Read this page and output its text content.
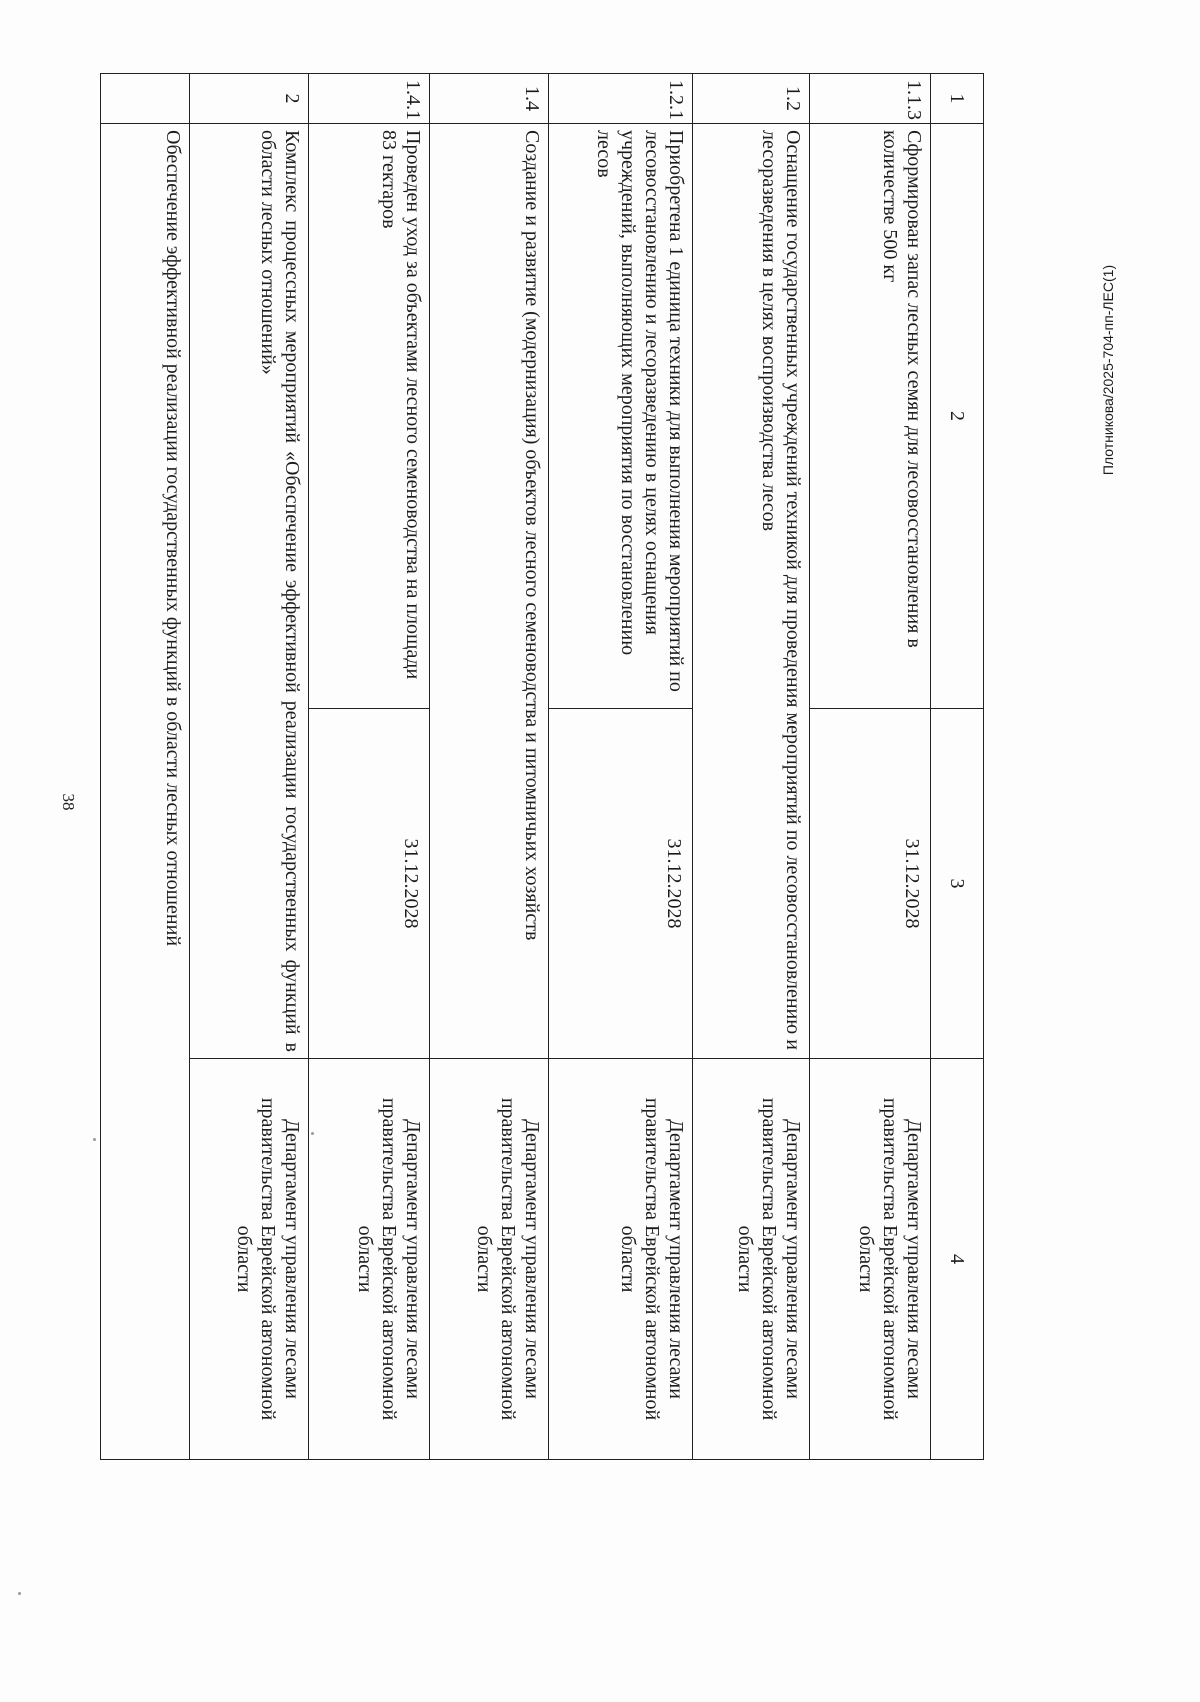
38
Плотникова/2025-704-пп-ЛЕС(1)
1	2	3	4
1.1.3	Сформирован запас лесных семян для лесовосстановления в количестве 500 кг	31.12.2028	Департамент управления лесами правительства Еврейской автономной области
1.2	Оснащение государственных учреждений техникой для проведения мероприятий по лесовосстановлению и лесоразведения в целях воспроизводства лесов		Департамент управления лесами правительства Еврейской автономной области
1.2.1	Приобретена 1 единица техники для выполнения мероприятий по лесовосстановлению и лесоразведению в целях оснащения учреждений, выполняющих мероприятия по восстановлению лесов	31.12.2028	Департамент управления лесами правительства Еврейской автономной области
1.4	Создание и развитие (модернизация) объектов лесного семеноводства и питомничьих хозяйств		Департамент управления лесами правительства Еврейской автономной области
1.4.1	Проведен уход за объектами лесного семеноводства на площади 83 гектаров	31.12.2028	Департамент управления лесами правительства Еврейской автономной области
2	Комплекс процессных мероприятий «Обеспечение эффективной реализации государственных функций в области лесных отношений»		Департамент управления лесами правительства Еврейской автономной области
	Обеспечение эффективной реализации государственных функций в области лесных отношений		
